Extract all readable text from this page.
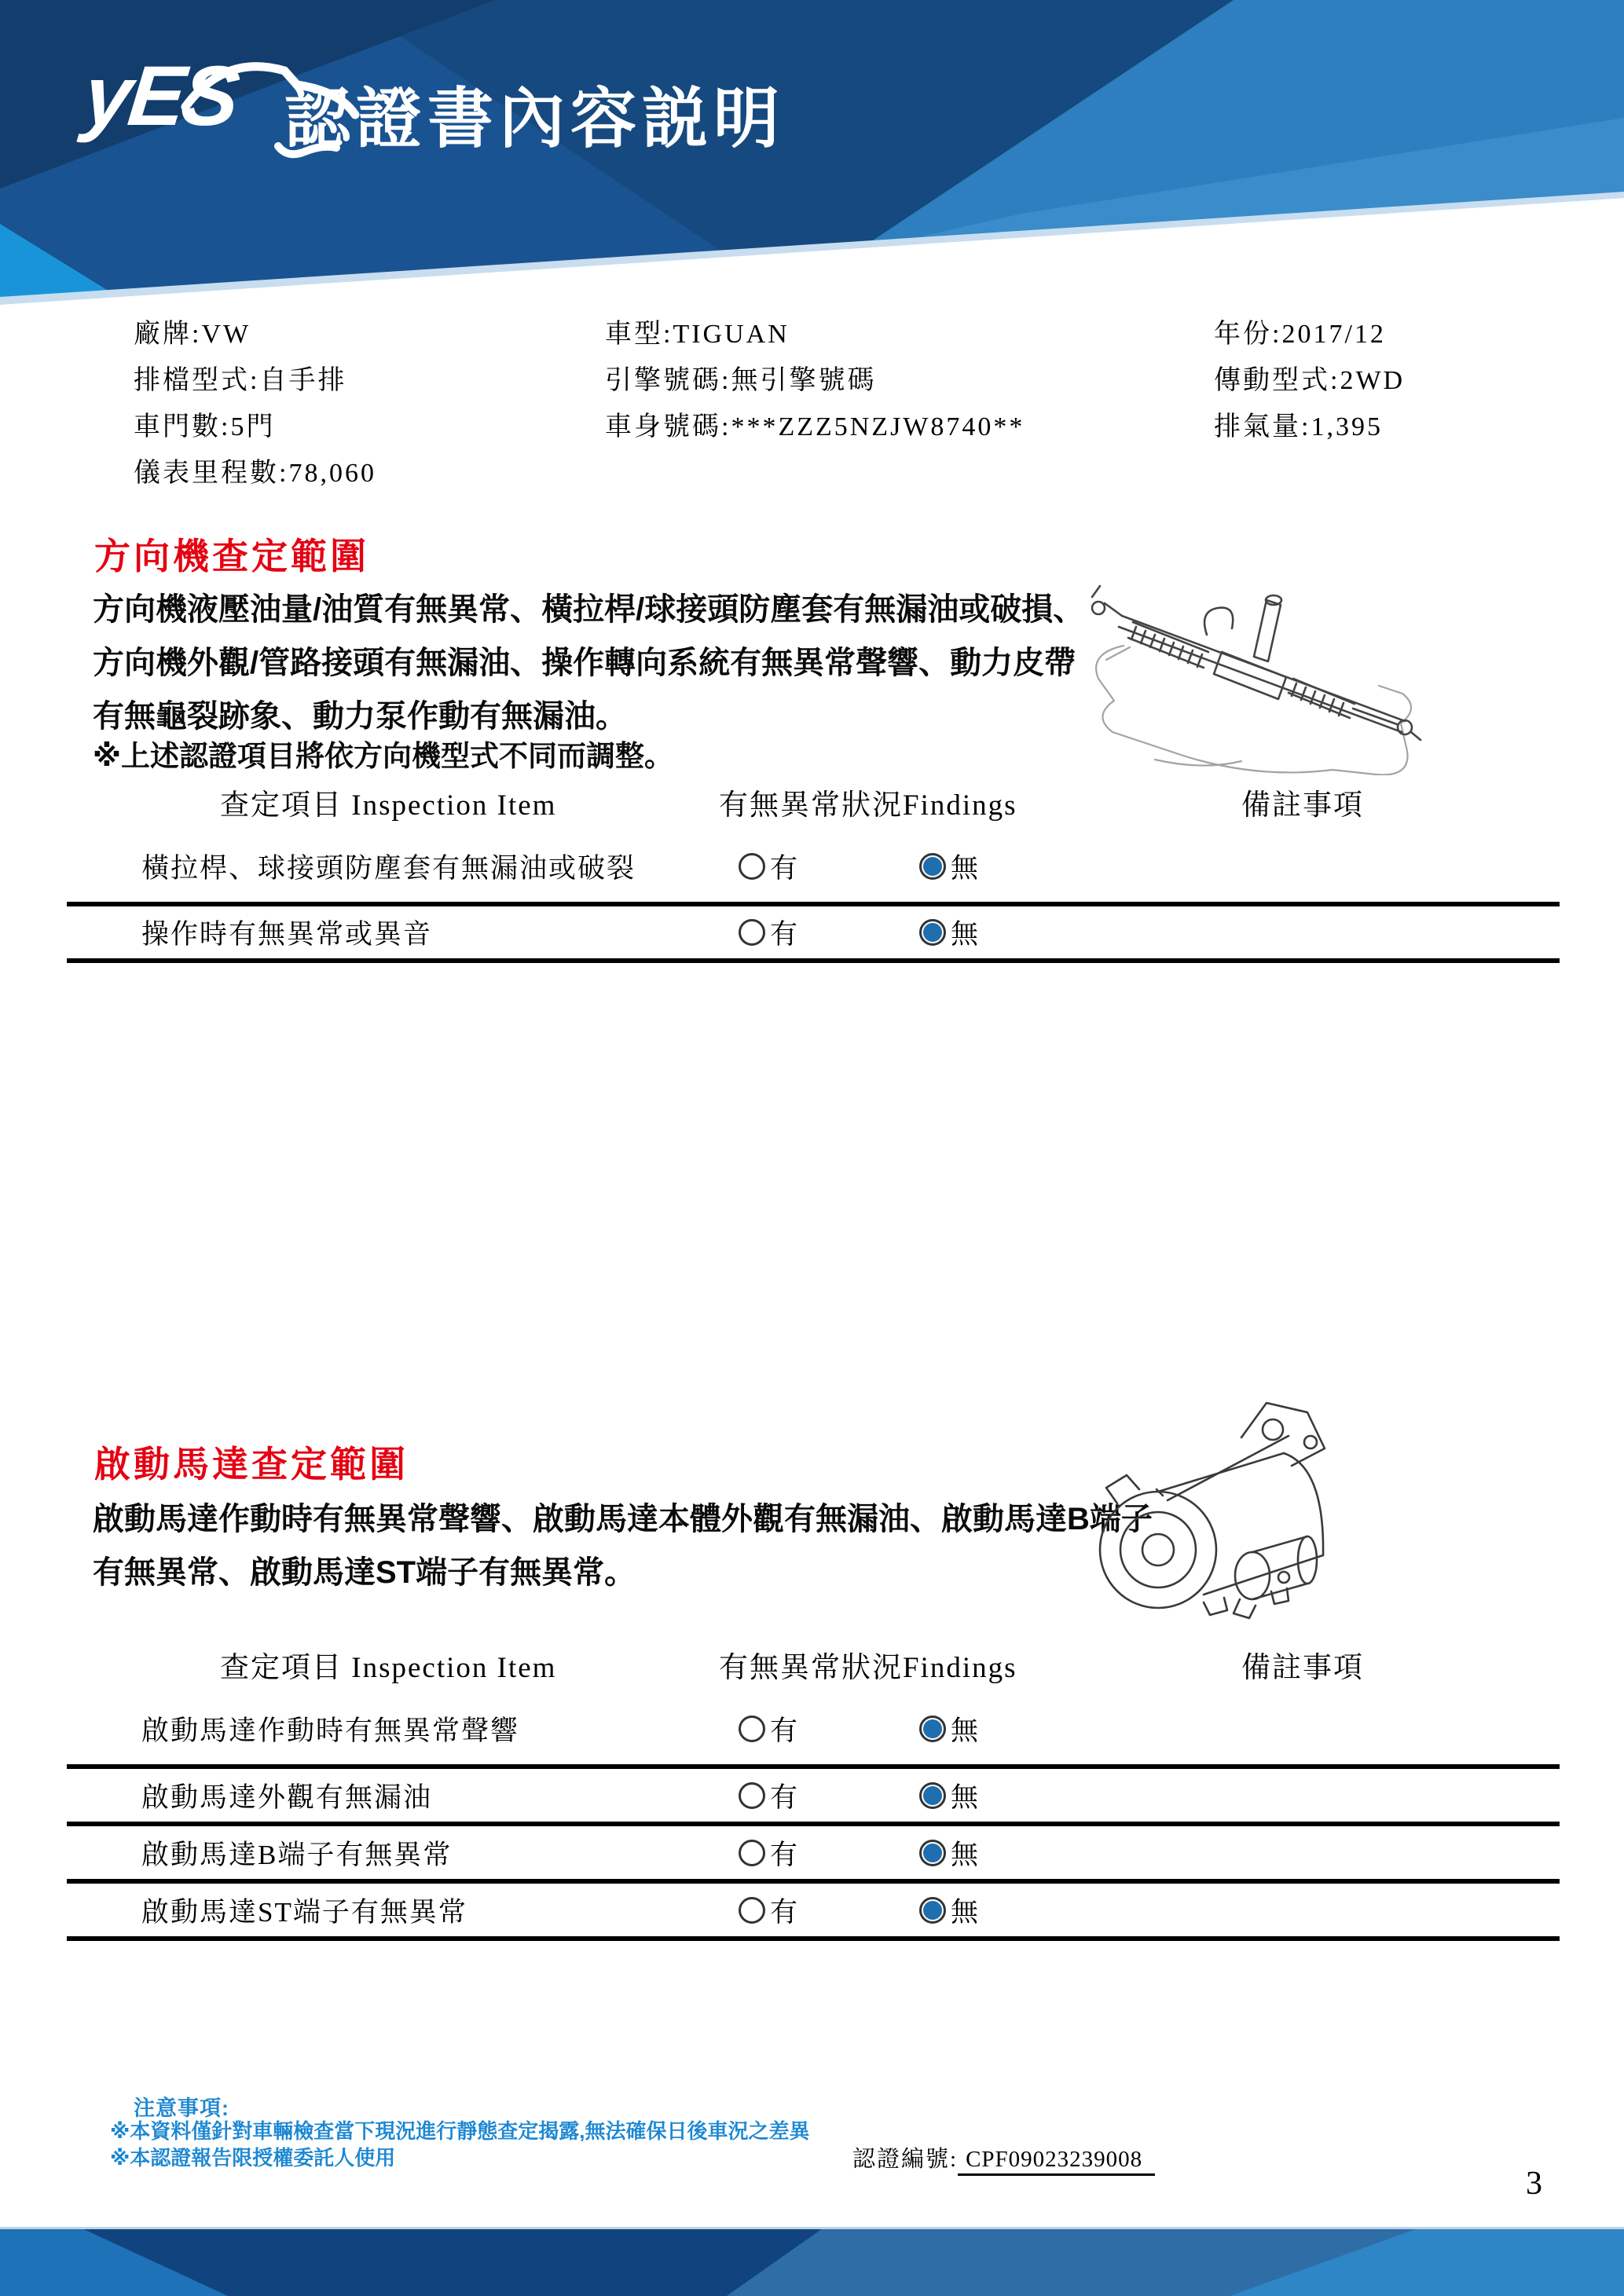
yES 認證書內容説明
廠牌:VW
排檔型式:自手排
車門數:5門
儀表里程數:78,060
車型:TIGUAN
引擎號碼:無引擎號碼
車身號碼:***ZZZ5NZJW8740**
年份:2017/12
傳動型式:2WD
排氣量:1,395
方向機查定範圍
方向機液壓油量/油質有無異常、橫拉桿/球接頭防塵套有無漏油或破損、
方向機外觀/管路接頭有無漏油、操作轉向系統有無異常聲響、動力皮帶
有無龜裂跡象、動力泵作動有無漏油。
※上述認證項目將依方向機型式不同而調整。
查定項目 Inspection Item	有無異常狀況Findings	備註事項
橫拉桿、球接頭防塵套有無漏油或破裂	有	無
操作時有無異常或異音	有	無
啟動馬達查定範圍
啟動馬達作動時有無異常聲響、啟動馬達本體外觀有無漏油、啟動馬達B端子
有無異常、啟動馬達ST端子有無異常。
查定項目 Inspection Item	有無異常狀況Findings	備註事項
啟動馬達作動時有無異常聲響	有	無
啟動馬達外觀有無漏油	有	無
啟動馬達B端子有無異常	有	無
啟動馬達ST端子有無異常	有	無
注意事項:
※本資料僅針對車輛檢查當下現況進行靜態查定揭露,無法確保日後車況之差異
※本認證報告限授權委託人使用	認證編號: CPF09023239008
3
